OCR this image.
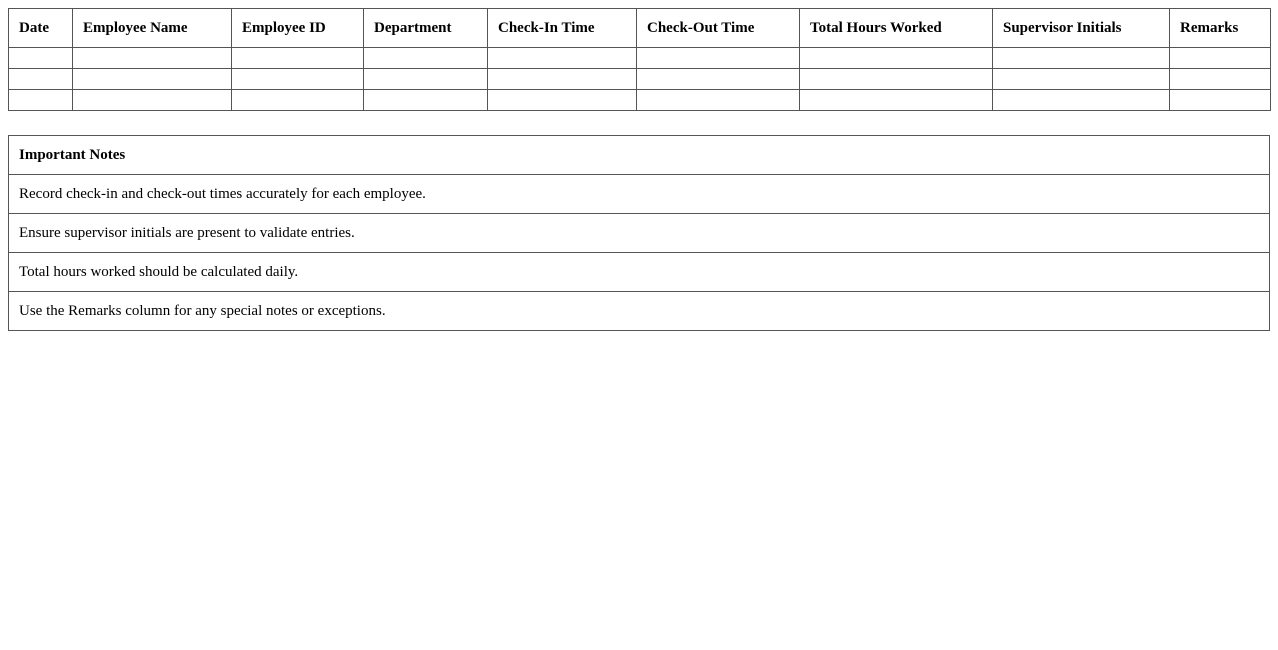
Date	Employee Name	Employee ID	Department	Check-In Time	Check-Out Time	Total Hours Worked	Supervisor Initials	Remarks

Important Notes
Record check-in and check-out times accurately for each employee.
Ensure supervisor initials are present to validate entries.
Total hours worked should be calculated daily.
Use the Remarks column for any special notes or exceptions.
